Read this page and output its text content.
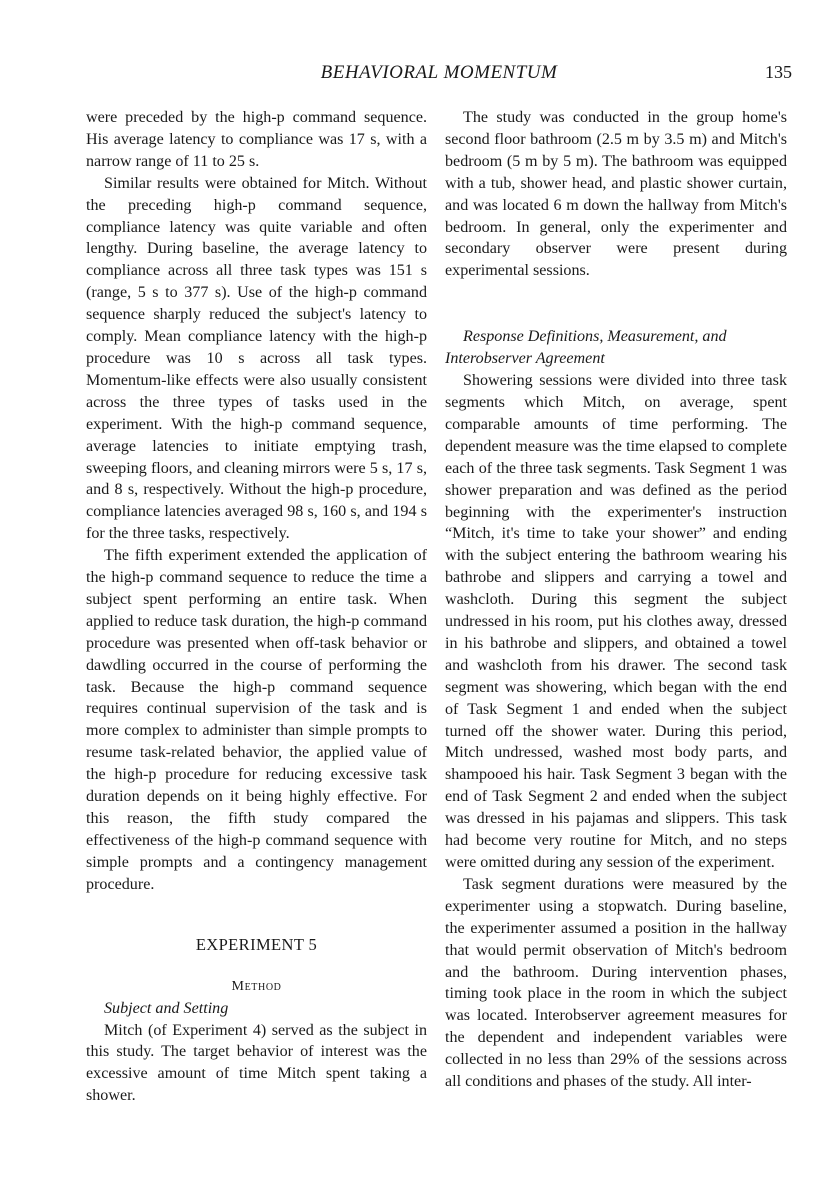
BEHAVIORAL MOMENTUM	135

were preceded by the high-p command sequence. His average latency to compliance was 17 s, with a narrow range of 11 to 25 s.

Similar results were obtained for Mitch. Without the preceding high-p command sequence, compliance latency was quite variable and often lengthy. During baseline, the average latency to compliance across all three task types was 151 s (range, 5 s to 377 s). Use of the high-p command sequence sharply reduced the subject's latency to comply. Mean compliance latency with the high-p procedure was 10 s across all task types. Momentum-like effects were also usually consistent across the three types of tasks used in the experiment. With the high-p command sequence, average latencies to initiate emptying trash, sweeping floors, and cleaning mirrors were 5 s, 17 s, and 8 s, respectively. Without the high-p procedure, compliance latencies averaged 98 s, 160 s, and 194 s for the three tasks, respectively.

The fifth experiment extended the application of the high-p command sequence to reduce the time a subject spent performing an entire task. When applied to reduce task duration, the high-p command procedure was presented when off-task behavior or dawdling occurred in the course of performing the task. Because the high-p command sequence requires continual supervision of the task and is more complex to administer than simple prompts to resume task-related behavior, the applied value of the high-p procedure for reducing excessive task duration depends on it being highly effective. For this reason, the fifth study compared the effectiveness of the high-p command sequence with simple prompts and a contingency management procedure.

EXPERIMENT 5
Method

Subject and Setting

Mitch (of Experiment 4) served as the subject in this study. The target behavior of interest was the excessive amount of time Mitch spent taking a shower.

The study was conducted in the group home's second floor bathroom (2.5 m by 3.5 m) and Mitch's bedroom (5 m by 5 m). The bathroom was equipped with a tub, shower head, and plastic shower curtain, and was located 6 m down the hallway from Mitch's bedroom. In general, only the experimenter and secondary observer were present during experimental sessions.

Response Definitions, Measurement, and Interobserver Agreement

Showering sessions were divided into three task segments which Mitch, on average, spent comparable amounts of time performing. The dependent measure was the time elapsed to complete each of the three task segments. Task Segment 1 was shower preparation and was defined as the period beginning with the experimenter's instruction “Mitch, it's time to take your shower” and ending with the subject entering the bathroom wearing his bathrobe and slippers and carrying a towel and washcloth. During this segment the subject undressed in his room, put his clothes away, dressed in his bathrobe and slippers, and obtained a towel and washcloth from his drawer. The second task segment was showering, which began with the end of Task Segment 1 and ended when the subject turned off the shower water. During this period, Mitch undressed, washed most body parts, and shampooed his hair. Task Segment 3 began with the end of Task Segment 2 and ended when the subject was dressed in his pajamas and slippers. This task had become very routine for Mitch, and no steps were omitted during any session of the experiment.

Task segment durations were measured by the experimenter using a stopwatch. During baseline, the experimenter assumed a position in the hallway that would permit observation of Mitch's bedroom and the bathroom. During intervention phases, timing took place in the room in which the subject was located. Interobserver agreement measures for the dependent and independent variables were collected in no less than 29% of the sessions across all conditions and phases of the study. All inter-
